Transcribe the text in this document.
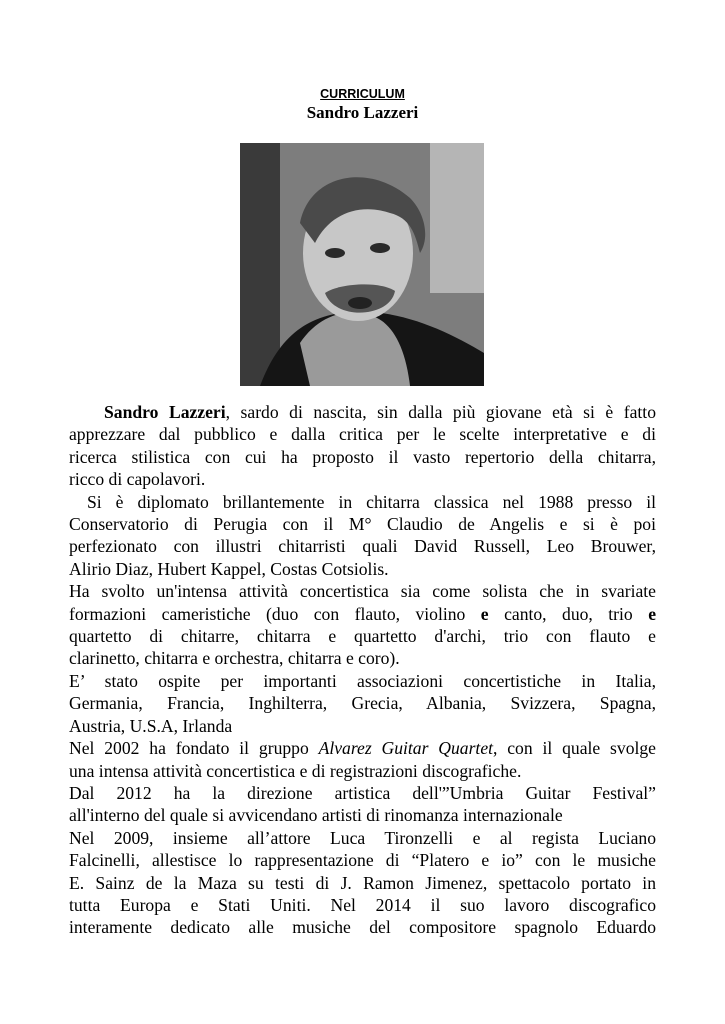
CURRICULUM
Sandro Lazzeri
Sandro Lazzeri, sardo di nascita, sin dalla più giovane età si è fatto
apprezzare dal pubblico e dalla critica per le scelte interpretative e di
ricerca stilistica con cui ha proposto il vasto repertorio della chitarra,
ricco di capolavori.
Si è diplomato brillantemente in chitarra classica nel 1988 presso il
Conservatorio di Perugia con il M° Claudio de Angelis e si è poi
perfezionato con illustri chitarristi quali David Russell, Leo Brouwer,
Alirio Diaz, Hubert Kappel, Costas Cotsiolis.
Ha svolto un'intensa attività concertistica sia come solista che in svariate
formazioni cameristiche (duo con flauto, violino e canto, duo, trio e
quartetto di chitarre, chitarra e quartetto d'archi, trio con flauto e
clarinetto, chitarra e orchestra, chitarra e coro).
E’ stato ospite per importanti associazioni concertistiche in Italia,
Germania, Francia, Inghilterra, Grecia, Albania, Svizzera, Spagna,
Austria, U.S.A, Irlanda
Nel 2002 ha fondato il gruppo Alvarez Guitar Quartet, con il quale svolge
una intensa attività concertistica e di registrazioni discografiche.
Dal 2012 ha la direzione artistica dell'”Umbria Guitar Festival”
all'interno del quale si avvicendano artisti di rinomanza internazionale
Nel 2009, insieme all’attore Luca Tironzelli e al regista Luciano
Falcinelli, allestisce lo rappresentazione di “Platero e io” con le musiche
E. Sainz de la Maza su testi di J. Ramon Jimenez, spettacolo portato in
tutta Europa e Stati Uniti. Nel 2014 il suo lavoro discografico
interamente dedicato alle musiche del compositore spagnolo Eduardo
